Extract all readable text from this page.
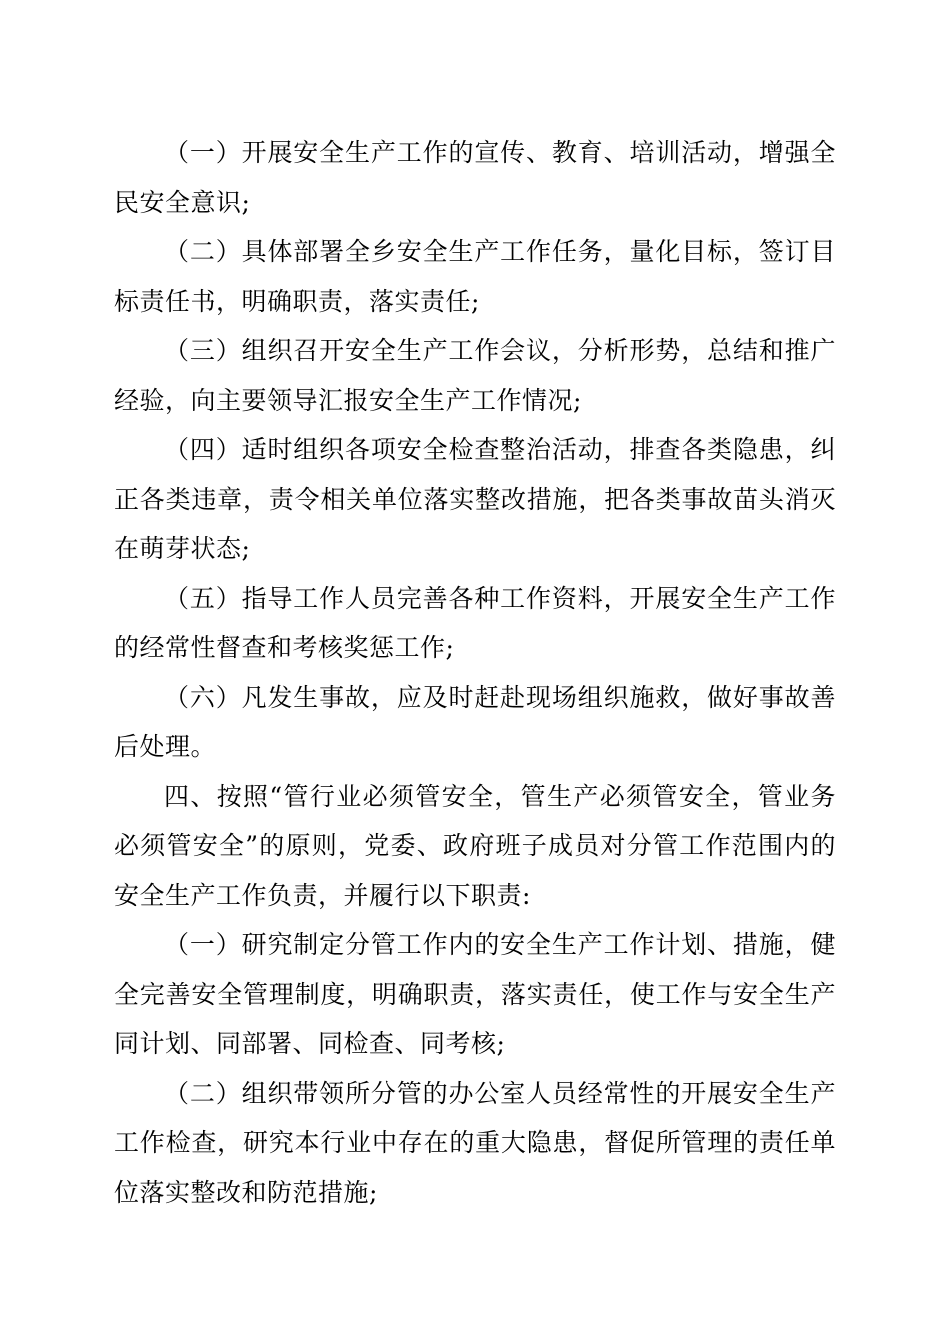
（一）开展安全生产工作的宣传、教育、培训活动，增强全民安全意识;

（二）具体部署全乡安全生产工作任务，量化目标，签订目标责任书，明确职责，落实责任;

（三）组织召开安全生产工作会议，分析形势，总结和推广经验，向主要领导汇报安全生产工作情况;

（四）适时组织各项安全检查整治活动，排查各类隐患，纠正各类违章，责令相关单位落实整改措施，把各类事故苗头消灭在萌芽状态;

（五）指导工作人员完善各种工作资料，开展安全生产工作的经常性督查和考核奖惩工作;

（六）凡发生事故，应及时赶赴现场组织施救，做好事故善后处理。

四、按照“管行业必须管安全，管生产必须管安全，管业务必须管安全”的原则，党委、政府班子成员对分管工作范围内的安全生产工作负责，并履行以下职责:

（一）研究制定分管工作内的安全生产工作计划、措施，健全完善安全管理制度，明确职责，落实责任，使工作与安全生产同计划、同部署、同检查、同考核;

（二）组织带领所分管的办公室人员经常性的开展安全生产工作检查，研究本行业中存在的重大隐患，督促所管理的责任单位落实整改和防范措施;
